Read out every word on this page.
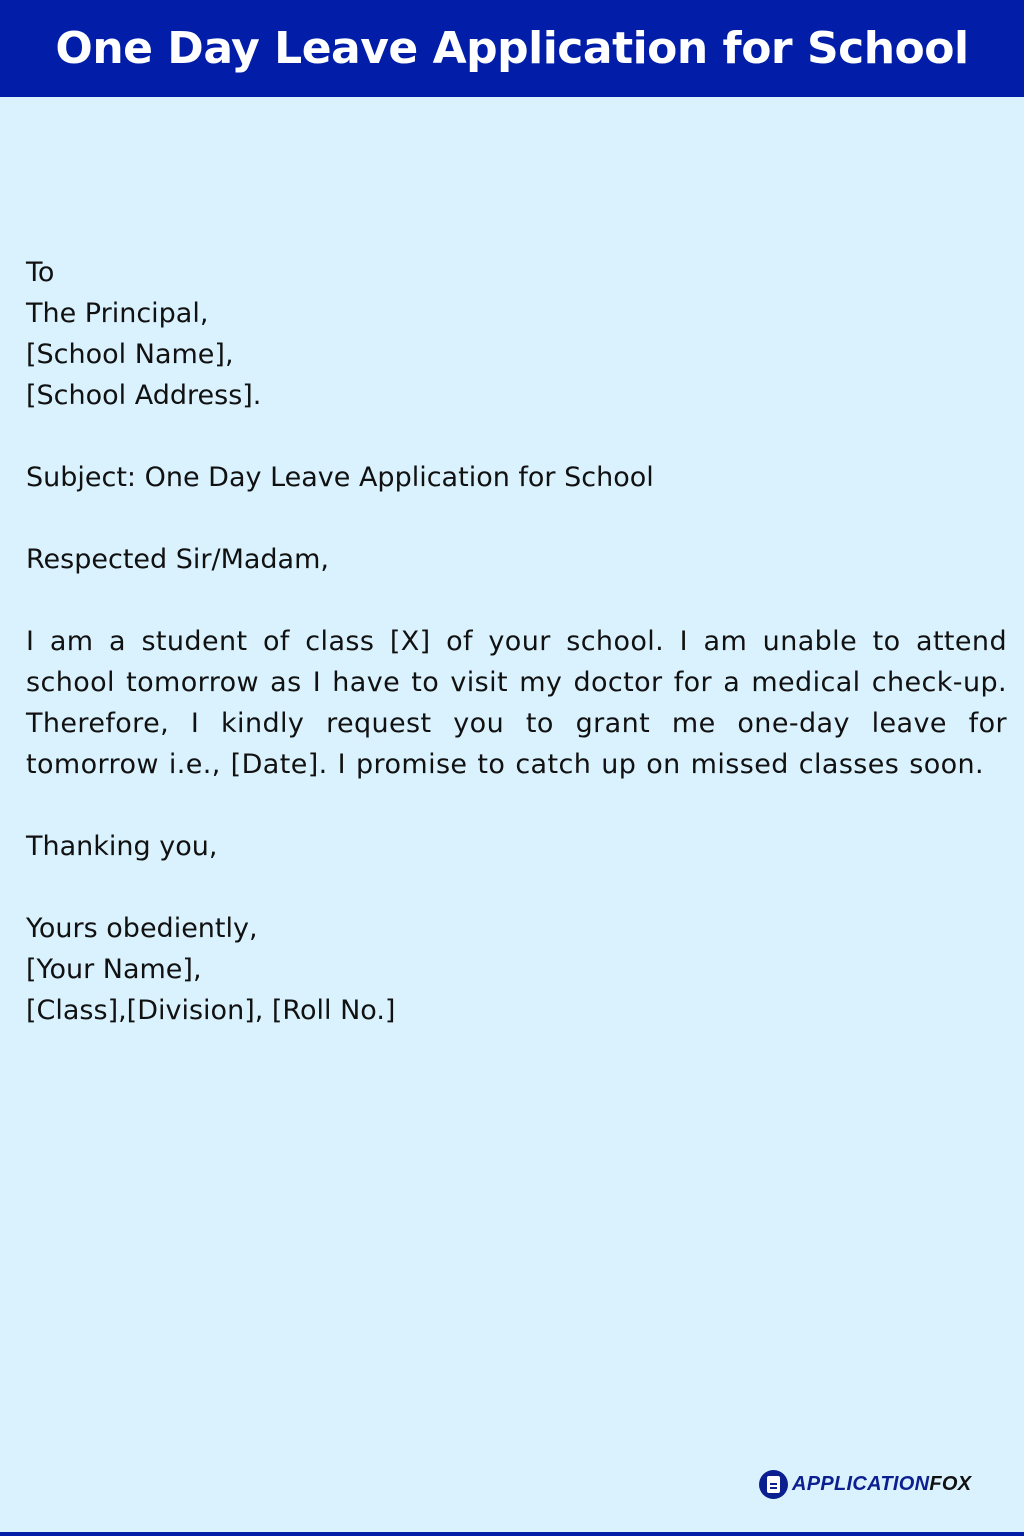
One Day Leave Application for School
To
The Principal,
[School Name],
[School Address].
Subject: One Day Leave Application for School
Respected Sir/Madam,
I am a student of class [X] of your school. I am unable to attend school tomorrow as I have to visit my doctor for a medical check-up. Therefore, I kindly request you to grant me one-day leave for tomorrow i.e., [Date]. I promise to catch up on missed classes soon.
Thanking you,
Yours obediently,
[Your Name],
[Class],[Division], [Roll No.]
APPLICATIONFOX
